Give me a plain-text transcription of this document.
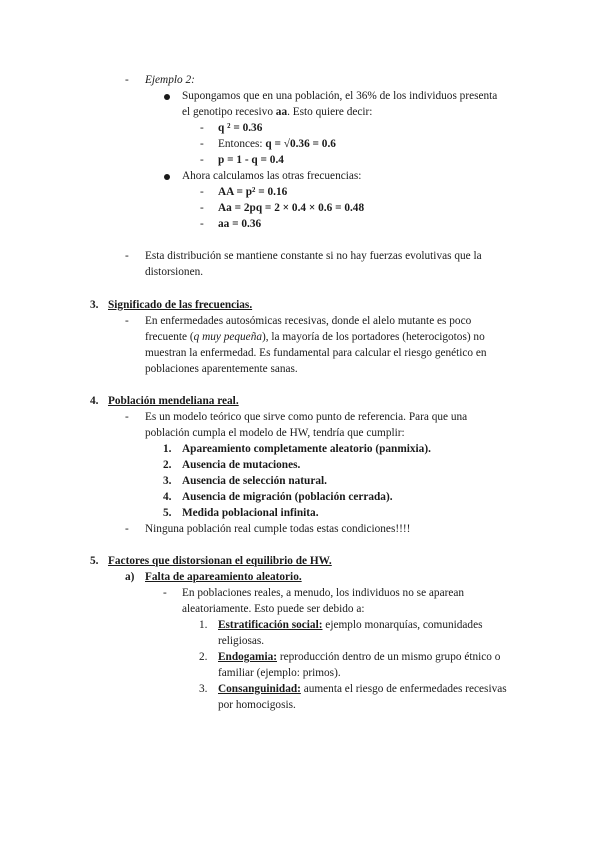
- Ejemplo 2:
Supongamos que en una población, el 36% de los individuos presenta
el genotipo recesivo aa. Esto quiere decir:
- q ² = 0.36
- Entonces: q = √0.36 = 0.6
- p = 1 - q = 0.4
Ahora calculamos las otras frecuencias:
- AA = p² = 0.16
- Aa = 2pq = 2 × 0.4 × 0.6 = 0.48
- aa = 0.36
- Esta distribución se mantiene constante si no hay fuerzas evolutivas que la
distorsionen.
3. Significado de las frecuencias.
- En enfermedades autosómicas recesivas, donde el alelo mutante es poco
frecuente (q muy pequeña), la mayoría de los portadores (heterocigotos) no
muestran la enfermedad. Es fundamental para calcular el riesgo genético en
poblaciones aparentemente sanas.
4. Población mendeliana real.
- Es un modelo teórico que sirve como punto de referencia. Para que una
población cumpla el modelo de HW, tendría que cumplir:
1. Apareamiento completamente aleatorio (panmixia).
2. Ausencia de mutaciones.
3. Ausencia de selección natural.
4. Ausencia de migración (población cerrada).
5. Medida poblacional infinita.
- Ninguna población real cumple todas estas condiciones!!!!
5. Factores que distorsionan el equilibrio de HW.
a) Falta de apareamiento aleatorio.
- En poblaciones reales, a menudo, los individuos no se aparean
aleatoriamente. Esto puede ser debido a:
1. Estratificación social: ejemplo monarquías, comunidades
religiosas.
2. Endogamia: reproducción dentro de un mismo grupo étnico o
familiar (ejemplo: primos).
3. Consanguinidad: aumenta el riesgo de enfermedades recesivas
por homocigosis.
